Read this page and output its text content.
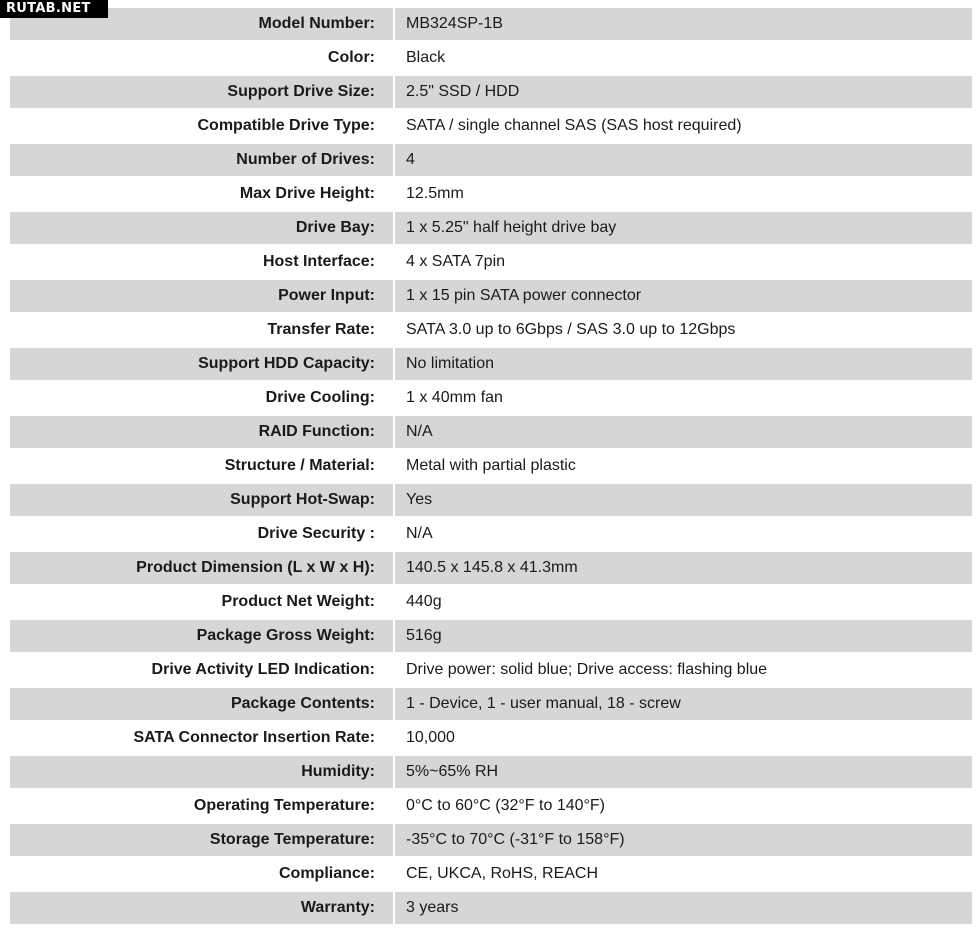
RUTAB.NET
Model Number:	MB324SP-1B
Color:	Black
Support Drive Size:	2.5" SSD / HDD
Compatible Drive Type:	SATA / single channel SAS (SAS host required)
Number of Drives:	4
Max Drive Height:	12.5mm
Drive Bay:	1 x 5.25" half height drive bay
Host Interface:	4 x SATA 7pin
Power Input:	1 x 15 pin SATA power connector
Transfer Rate:	SATA 3.0 up to 6Gbps / SAS 3.0 up to 12Gbps
Support HDD Capacity:	No limitation
Drive Cooling:	1 x 40mm fan
RAID Function:	N/A
Structure / Material:	Metal with partial plastic
Support Hot-Swap:	Yes
Drive Security :	N/A
Product Dimension (L x W x H):	140.5 x 145.8 x 41.3mm
Product Net Weight:	440g
Package Gross Weight:	516g
Drive Activity LED Indication:	Drive power: solid blue; Drive access: flashing blue
Package Contents:	1 - Device, 1 - user manual, 18 - screw
SATA Connector Insertion Rate:	10,000
Humidity:	5%~65% RH
Operating Temperature:	0°C to 60°C (32°F to 140°F)
Storage Temperature:	-35°C to 70°C (-31°F to 158°F)
Compliance:	CE, UKCA, RoHS, REACH
Warranty:	3 years
